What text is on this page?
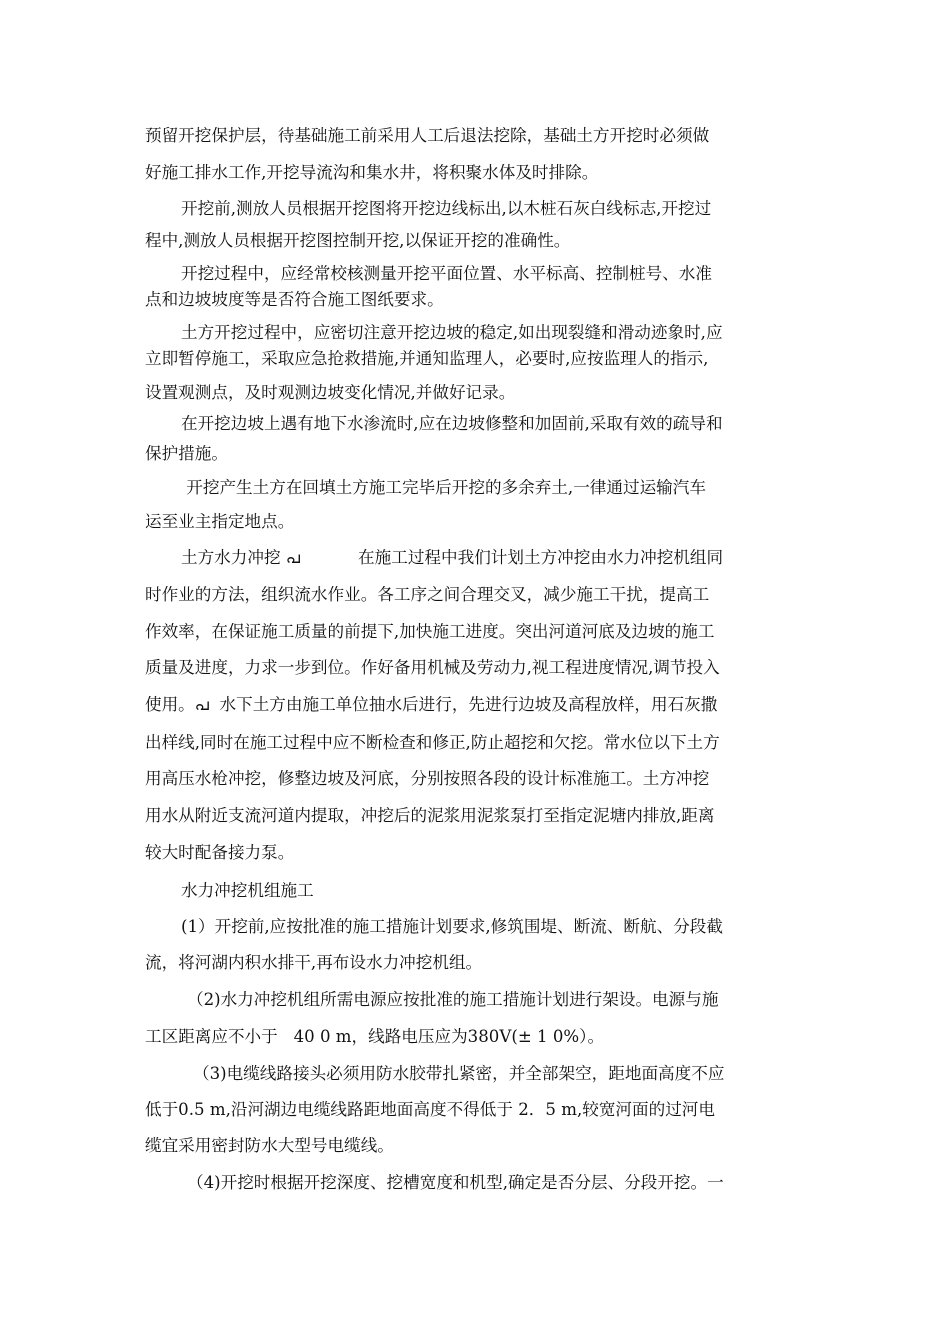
预留开挖保护层，待基础施工前采用人工后退法挖除，基础土方开挖时必须做
好施工排水工作,开挖导流沟和集水井，将积聚水体及时排除。
开挖前,测放人员根据开挖图将开挖边线标出,以木桩石灰白线标志,开挖过
程中,测放人员根据开挖图控制开挖,以保证开挖的准确性。
开挖过程中，应经常校核测量开挖平面位置、水平标高、控制桩号、水准
点和边坡坡度等是否符合施工图纸要求。
土方开挖过程中，应密切注意开挖边坡的稳定,如出现裂缝和滑动迹象时,应
立即暂停施工，采取应急抢救措施,并通知监理人，必要时,应按监理人的指示,
设置观测点，及时观测边坡变化情况,并做好记录。
在开挖边坡上遇有地下水渗流时,应在边坡修整和加固前,采取有效的疏导和
保护措施。
开挖产生土方在回填土方施工完毕后开挖的多余弃土,一律通过运输汽车
运至业主指定地点。
土方水力冲挖 പ           在施工过程中我们计划土方冲挖由水力冲挖机组同
时作业的方法，组织流水作业。各工序之间合理交叉，减少施工干扰，提高工
作效率，在保证施工质量的前提下,加快施工进度。突出河道河底及边坡的施工
质量及进度，力求一步到位。作好备用机械及劳动力,视工程进度情况,调节投入
使用。പ  水下土方由施工单位抽水后进行，先进行边坡及高程放样，用石灰撒
出样线,同时在施工过程中应不断检查和修正,防止超挖和欠挖。常水位以下土方
用高压水枪冲挖，修整边坡及河底，分别按照各段的设计标准施工。土方冲挖
用水从附近支流河道内提取，冲挖后的泥浆用泥浆泵打至指定泥塘内排放,距离
较大时配备接力泵。
水力冲挖机组施工
(1）开挖前,应按批准的施工措施计划要求,修筑围堤、断流、断航、分段截
流，将河湖内积水排干,再布设水力冲挖机组。
（2)水力冲挖机组所需电源应按批准的施工措施计划进行架设。电源与施
工区距离应不小于   40 0 m，线路电压应为380V(± 1 0%）。
（3)电缆线路接头必须用防水胶带扎紧密，并全部架空，距地面高度不应
低于0.5 m,沿河湖边电缆线路距地面高度不得低于 2．5 m,较宽河面的过河电
缆宜采用密封防水大型号电缆线。
（4)开挖时根据开挖深度、挖槽宽度和机型,确定是否分层、分段开挖。一
